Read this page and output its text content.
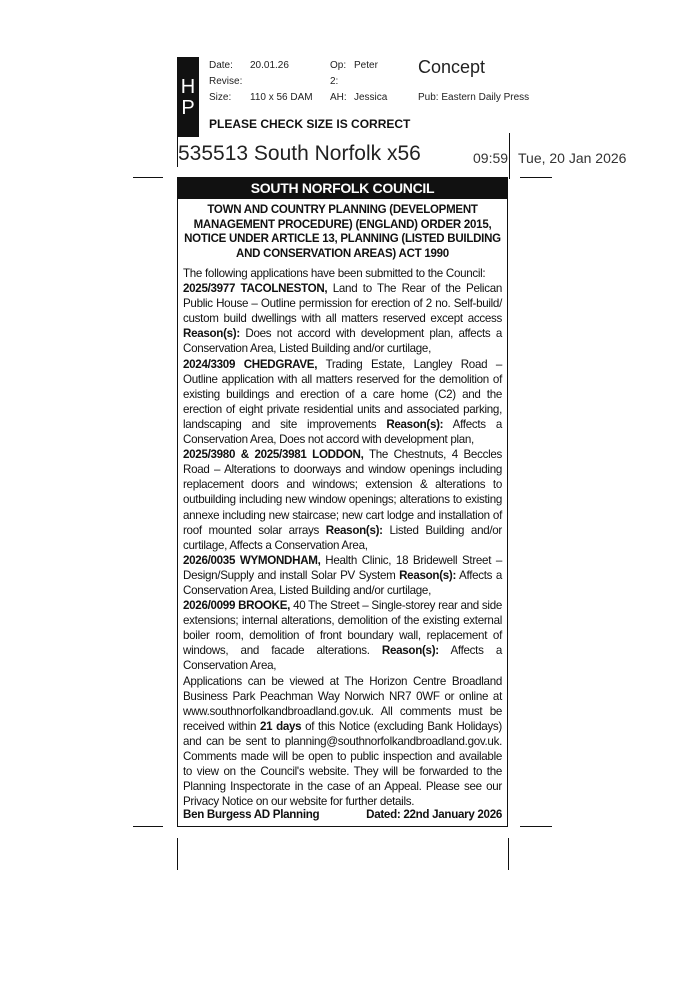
H
P
Date: 20.01.26
Revise:
Size: 110 x 56 DAM
Op: Peter
2:
AH: Jessica
Concept
Pub: Eastern Daily Press
PLEASE CHECK SIZE IS CORRECT
535513 South Norfolk x56	09:59 Tue, 20 Jan 2026
SOUTH NORFOLK COUNCIL
TOWN AND COUNTRY PLANNING (DEVELOPMENT MANAGEMENT PROCEDURE) (ENGLAND) ORDER 2015, NOTICE UNDER ARTICLE 13, PLANNING (LISTED BUILDING AND CONSERVATION AREAS) ACT 1990

The following applications have been submitted to the Council:

2025/3977 TACOLNESTON, Land to The Rear of the Pelican Public House – Outline permission for erection of 2 no. Self-build/ custom build dwellings with all matters reserved except access Reason(s): Does not accord with development plan, affects a Conservation Area, Listed Building and/or curtilage,

2024/3309 CHEDGRAVE, Trading Estate, Langley Road – Outline application with all matters reserved for the demolition of existing buildings and erection of a care home (C2) and the erection of eight private residential units and associated parking, landscaping and site improvements Reason(s): Affects a Conservation Area, Does not accord with development plan,

2025/3980 & 2025/3981 LODDON, The Chestnuts, 4 Beccles Road – Alterations to doorways and window openings including replacement doors and windows; extension & alterations to outbuilding including new window openings; alterations to existing annexe including new staircase; new cart lodge and installation of roof mounted solar arrays Reason(s): Listed Building and/or curtilage, Affects a Conservation Area,

2026/0035 WYMONDHAM, Health Clinic, 18 Bridewell Street – Design/Supply and install Solar PV System Reason(s): Affects a Conservation Area, Listed Building and/or curtilage,

2026/0099 BROOKE, 40 The Street – Single-storey rear and side extensions; internal alterations, demolition of the existing external boiler room, demolition of front boundary wall, replacement of windows, and facade alterations. Reason(s): Affects a Conservation Area,

Applications can be viewed at The Horizon Centre Broadland Business Park Peachman Way Norwich NR7 0WF or online at www.southnorfolkandbroadland.gov.uk. All comments must be received within 21 days of this Notice (excluding Bank Holidays) and can be sent to planning@southnorfolkandbroadland.gov.uk. Comments made will be open to public inspection and available to view on the Council's website. They will be forwarded to the Planning Inspectorate in the case of an Appeal. Please see our Privacy Notice on our website for further details.

Ben Burgess AD Planning	Dated: 22nd January 2026
